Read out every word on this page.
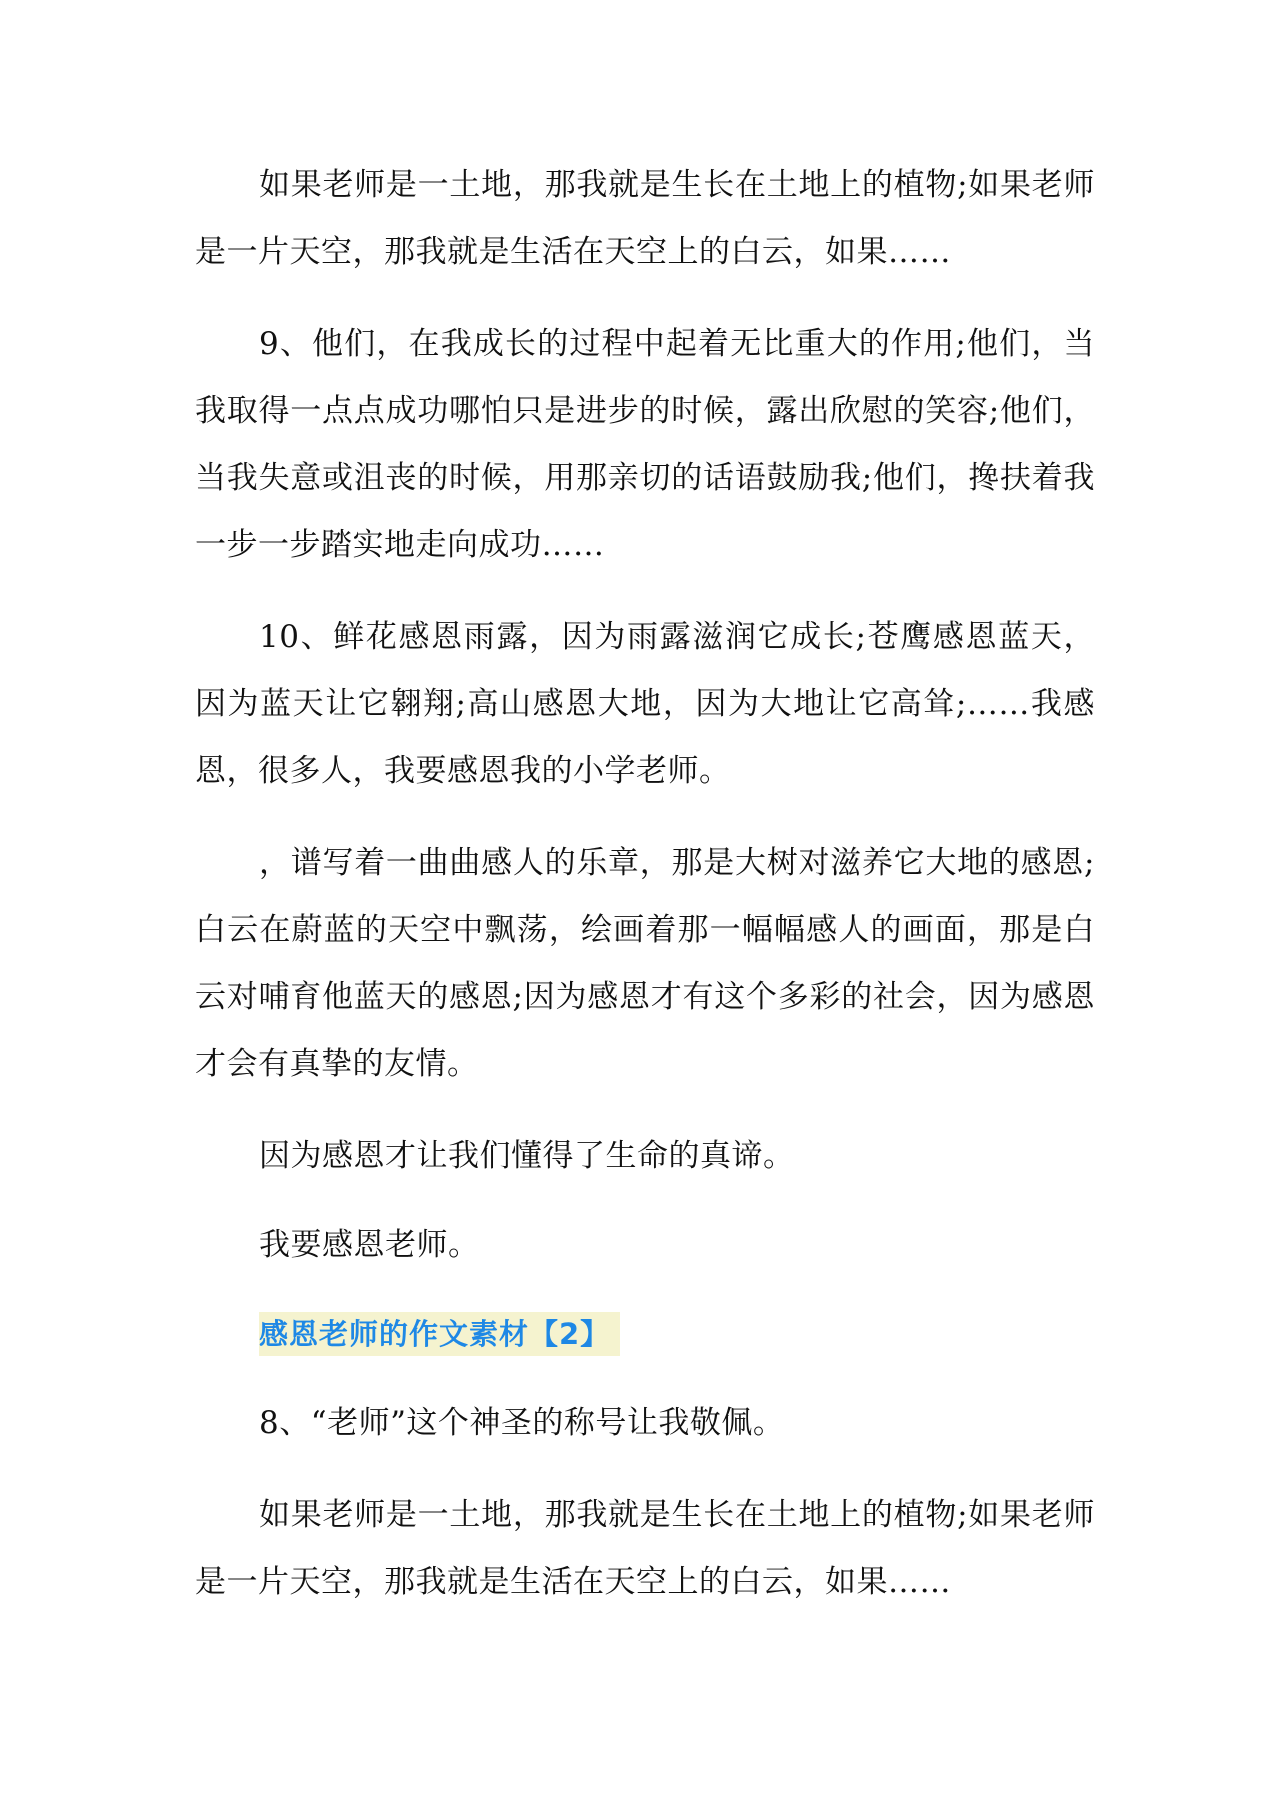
如果老师是一土地，那我就是生长在土地上的植物;如果老师是一片天空，那我就是生活在天空上的白云，如果……

9、他们，在我成长的过程中起着无比重大的作用;他们，当我取得一点点成功哪怕只是进步的时候，露出欣慰的笑容;他们，当我失意或沮丧的时候，用那亲切的话语鼓励我;他们，搀扶着我一步一步踏实地走向成功……

10、鲜花感恩雨露，因为雨露滋润它成长;苍鹰感恩蓝天，因为蓝天让它翱翔;高山感恩大地，因为大地让它高耸;……我感恩，很多人，我要感恩我的小学老师。

，谱写着一曲曲感人的乐章，那是大树对滋养它大地的感恩;白云在蔚蓝的天空中飘荡，绘画着那一幅幅感人的画面，那是白云对哺育他蓝天的感恩;因为感恩才有这个多彩的社会，因为感恩才会有真挚的友情。

因为感恩才让我们懂得了生命的真谛。

我要感恩老师。

感恩老师的作文素材【2】

8、“老师”这个神圣的称号让我敬佩。

如果老师是一土地，那我就是生长在土地上的植物;如果老师是一片天空，那我就是生活在天空上的白云，如果……
